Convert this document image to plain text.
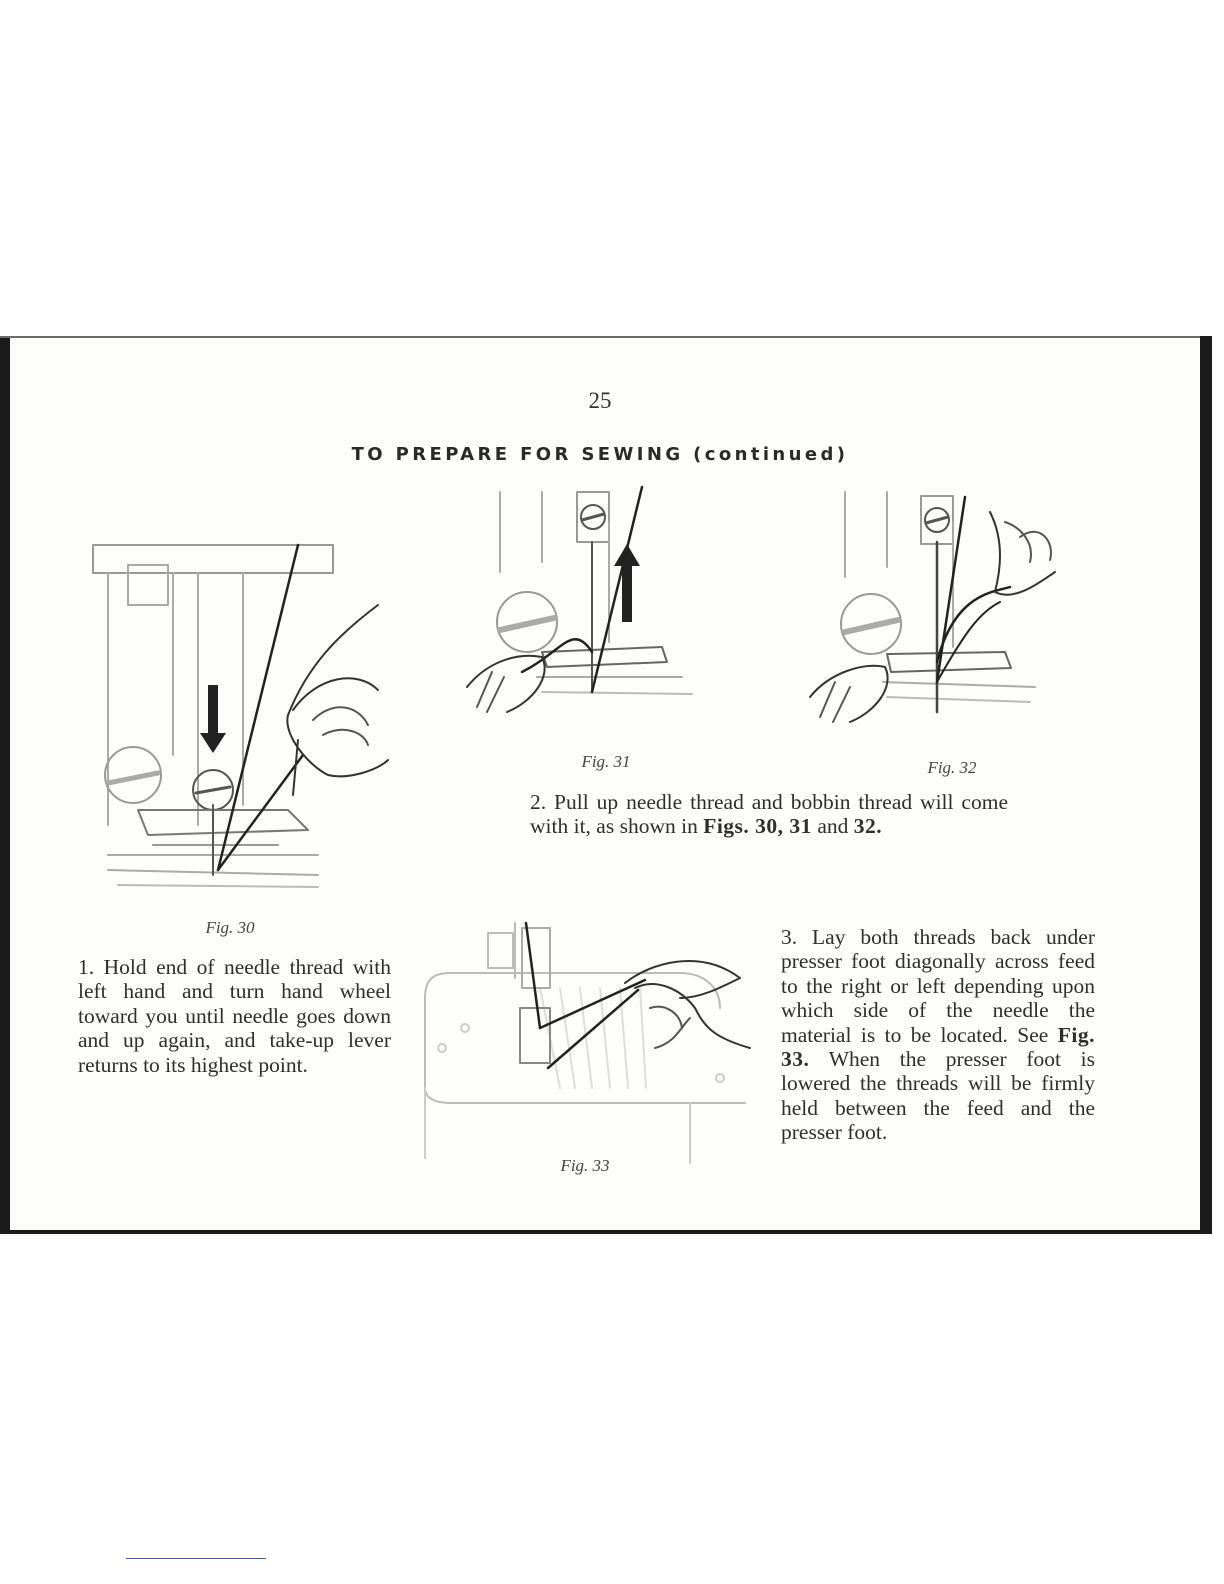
25
TO PREPARE FOR SEWING (continued)
Fig. 30
Fig. 31	Fig. 32

2. Pull up needle thread and bobbin thread will come with it, as shown in Figs. 30, 31 and 32.

1. Hold end of needle thread with left hand and turn hand wheel toward you until needle goes down and up again, and take-up lever returns to its highest point.

Fig. 33

3. Lay both threads back under presser foot diagonally across feed to the right or left depending upon which side of the needle the material is to be located. See Fig. 33. When the presser foot is lowered the threads will be firmly held between the feed and the presser foot.
